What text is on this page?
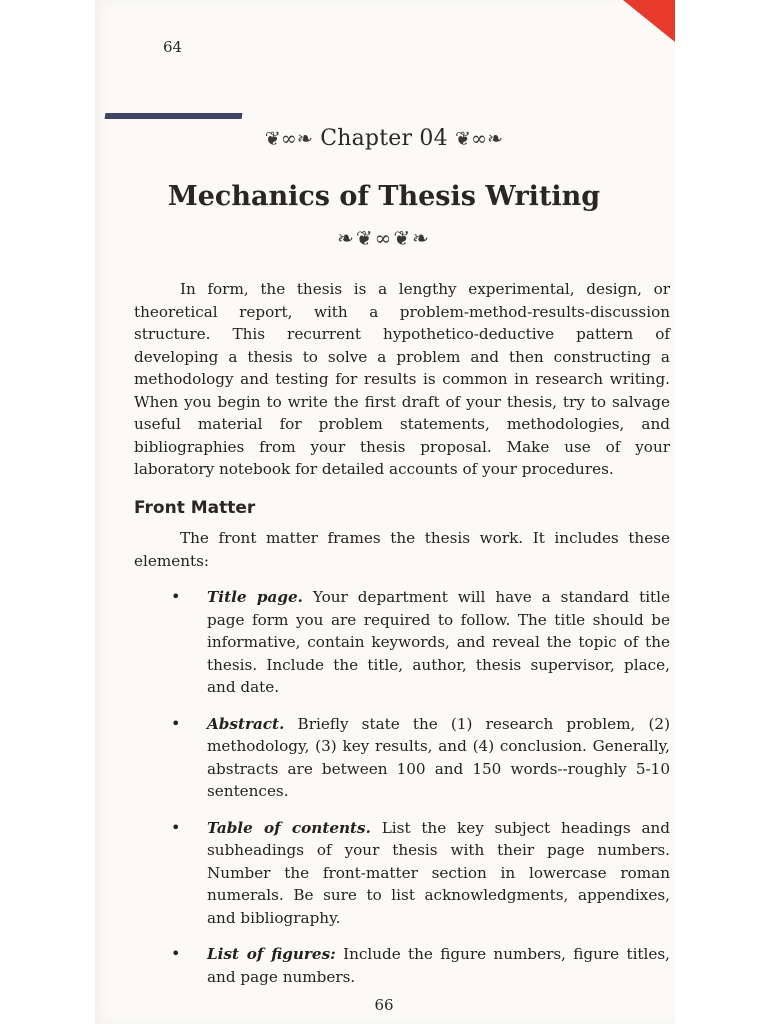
64
❦∞❧ Chapter 04 ❦∞❧
Mechanics of Thesis Writing
❧❦∞❦❧

In form, the thesis is a lengthy experimental, design, or theoretical report, with a problem-method-results-discussion structure. This recurrent hypothetico-deductive pattern of developing a thesis to solve a problem and then constructing a methodology and testing for results is common in research writing. When you begin to write the first draft of your thesis, try to salvage useful material for problem statements, methodologies, and bibliographies from your thesis proposal. Make use of your laboratory notebook for detailed accounts of your procedures.

Front Matter

The front matter frames the thesis work. It includes these elements:

• Title page. Your department will have a standard title page form you are required to follow. The title should be informative, contain keywords, and reveal the topic of the thesis. Include the title, author, thesis supervisor, place, and date.
• Abstract. Briefly state the (1) research problem, (2) methodology, (3) key results, and (4) conclusion. Generally, abstracts are between 100 and 150 words--roughly 5-10 sentences.
• Table of contents. List the key subject headings and subheadings of your thesis with their page numbers. Number the front-matter section in lowercase roman numerals. Be sure to list acknowledgments, appendixes, and bibliography.
• List of figures: Include the figure numbers, figure titles, and page numbers.
66
